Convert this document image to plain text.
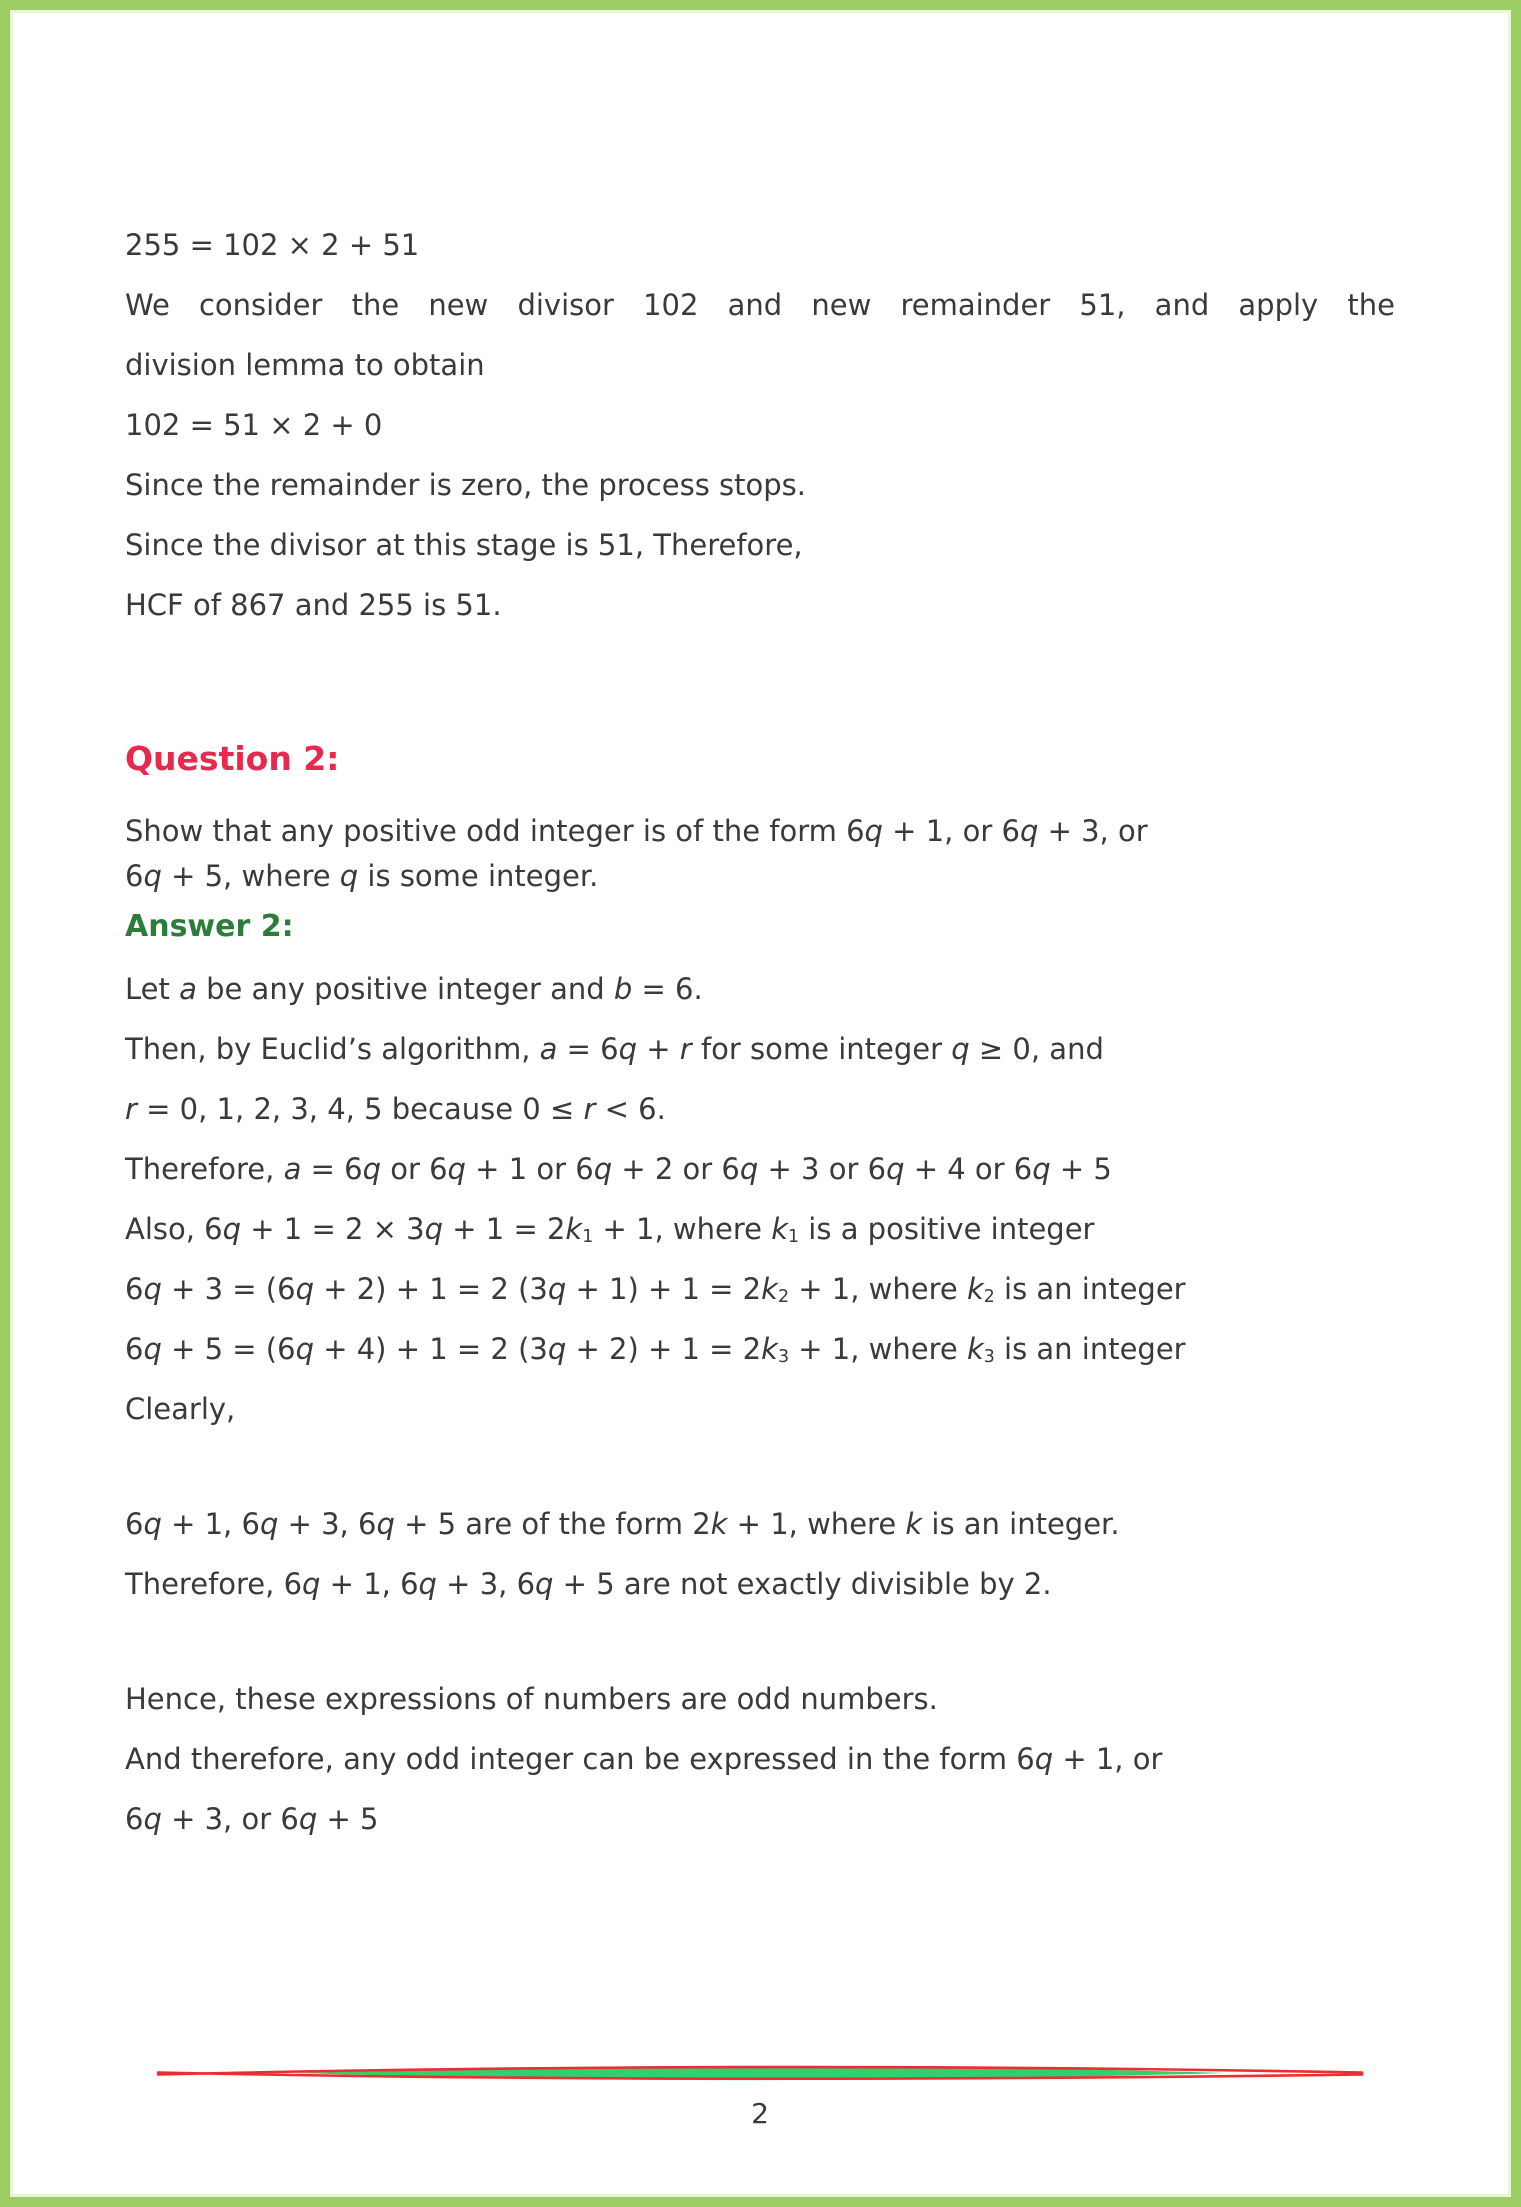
255 = 102 × 2 + 51
We consider the new divisor 102 and new remainder 51, and apply the
division lemma to obtain
102 = 51 × 2 + 0
Since the remainder is zero, the process stops.
Since the divisor at this stage is 51, Therefore,
HCF of 867 and 255 is 51.
Question 2:
Show that any positive odd integer is of the form 6q + 1, or 6q + 3, or
6q + 5, where q is some integer.
Answer 2:
Let a be any positive integer and b = 6.
Then, by Euclid’s algorithm, a = 6q + r for some integer q ≥ 0, and
r = 0, 1, 2, 3, 4, 5 because 0 ≤ r < 6.
Therefore, a = 6q or 6q + 1 or 6q + 2 or 6q + 3 or 6q + 4 or 6q + 5
Also, $6q + 1 = 2 \times 3q + 1 = 2k_1 + 1$, where $k_1$ is a positive integer
6q + 3 = (6q + 2) + 1 = 2 $(3q + 1) + 1 = 2k_2 + 1$, where $k_2$ is an integer
6q + 5 = (6q + 4) + 1 = 2 $(3q + 2) + 1 = 2k_3 + 1$, where $k_3$ is an integer
Clearly,
6q + 1, 6q + 3, 6q + 5 are of the form 2k + 1, where k is an integer.
Therefore, 6q + 1, 6q + 3, 6q + 5 are not exactly divisible by 2.
Hence, these expressions of numbers are odd numbers.
And therefore, any odd integer can be expressed in the form 6q + 1, or
6q + 3, or 6q + 5
2
